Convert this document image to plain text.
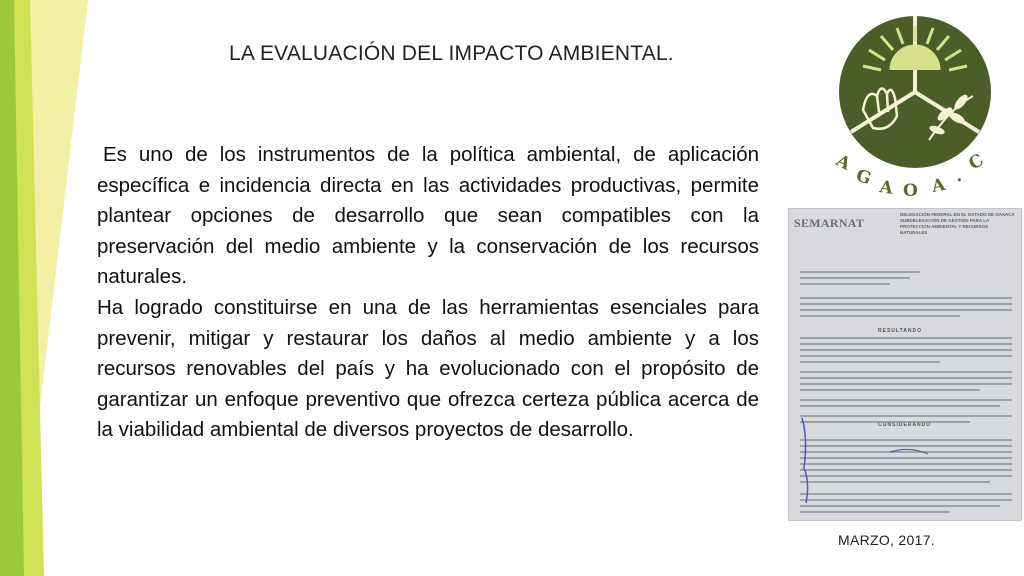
LA EVALUACIÓN DEL IMPACTO AMBIENTAL.

Es uno de los instrumentos de la política ambiental, de aplicación específica e incidencia directa en las actividades productivas, permite plantear opciones de desarrollo que sean compatibles con la preservación del medio ambiente y la conservación de los recursos naturales.

Ha logrado constituirse en una de las herramientas esenciales para prevenir, mitigar y restaurar los daños al medio ambiente y a los recursos renovables del país y ha evolucionado con el propósito de garantizar un enfoque preventivo que ofrezca certeza pública acerca de la viabilidad ambiental de diversos proyectos de desarrollo.

A
G A O A .
C
SEMARNAT
DELEGACIÓN FEDERAL EN EL ESTADO DE OAXACA SUBDELEGACIÓN DE GESTIÓN PARA LA PROTECCIÓN AMBIENTAL Y RECURSOS NATURALES
RESULTANDO
CONSIDERANDO
MARZO, 2017.
